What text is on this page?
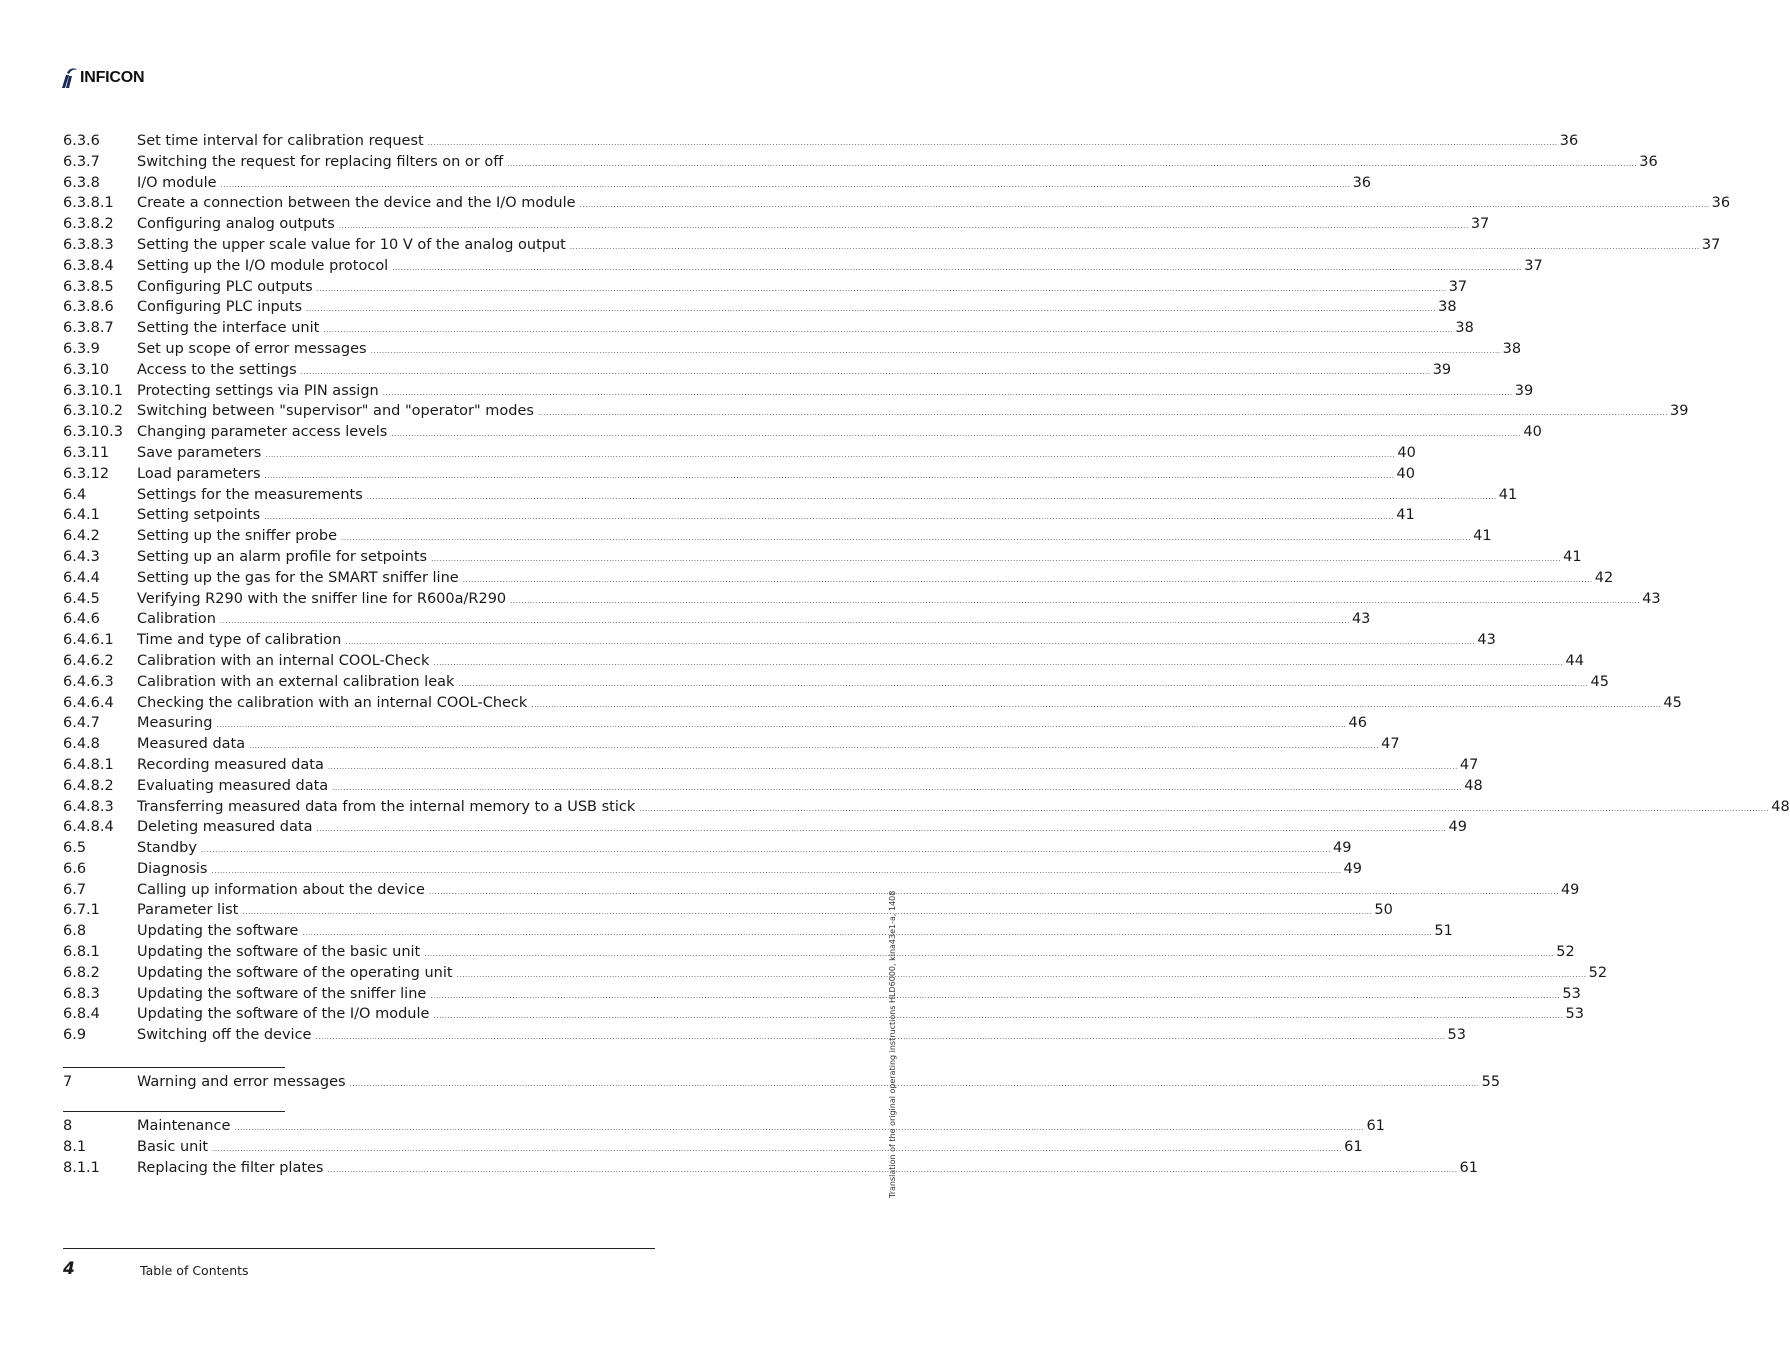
INFICON
6.3.6	Set time interval for calibration request ................................................................................................................................................................................................................................................................................................................................................................................................................ 36
6.3.7	Switching the request for replacing filters on or off ................................................................................................................................................................................................................................................................................................................................................................................................................ 36
6.3.8	I/O module ................................................................................................................................................................................................................................................................................................................................................................................................................ 36
6.3.8.1	Create a connection between the device and the I/O module ................................................................................................................................................................................................................................................................................................................................................................................................................ 36
6.3.8.2	Configuring analog outputs ................................................................................................................................................................................................................................................................................................................................................................................................................ 37
6.3.8.3	Setting the upper scale value for 10 V of the analog output ................................................................................................................................................................................................................................................................................................................................................................................................................ 37
6.3.8.4	Setting up the I/O module protocol ................................................................................................................................................................................................................................................................................................................................................................................................................ 37
6.3.8.5	Configuring PLC outputs ................................................................................................................................................................................................................................................................................................................................................................................................................ 37
6.3.8.6	Configuring PLC inputs ................................................................................................................................................................................................................................................................................................................................................................................................................ 38
6.3.8.7	Setting the interface unit ................................................................................................................................................................................................................................................................................................................................................................................................................ 38
6.3.9	Set up scope of error messages ................................................................................................................................................................................................................................................................................................................................................................................................................ 38
6.3.10	Access to the settings ................................................................................................................................................................................................................................................................................................................................................................................................................ 39
6.3.10.1 Protecting settings via PIN assign ................................................................................................................................................................................................................................................................................................................................................................................................................ 39
6.3.10.2 Switching between "supervisor" and "operator" modes ................................................................................................................................................................................................................................................................................................................................................................................................................ 39
6.3.10.3 Changing parameter access levels ................................................................................................................................................................................................................................................................................................................................................................................................................ 40
6.3.11	Save parameters ................................................................................................................................................................................................................................................................................................................................................................................................................ 40
6.3.12	Load parameters ................................................................................................................................................................................................................................................................................................................................................................................................................ 40
6.4	Settings for the measurements ................................................................................................................................................................................................................................................................................................................................................................................................................ 41
6.4.1	Setting setpoints ................................................................................................................................................................................................................................................................................................................................................................................................................ 41
6.4.2	Setting up the sniffer probe ................................................................................................................................................................................................................................................................................................................................................................................................................ 41
6.4.3	Setting up an alarm profile for setpoints ................................................................................................................................................................................................................................................................................................................................................................................................................ 41
6.4.4	Setting up the gas for the SMART sniffer line ................................................................................................................................................................................................................................................................................................................................................................................................................ 42
6.4.5	Verifying R290 with the sniffer line for R600a/R290 ................................................................................................................................................................................................................................................................................................................................................................................................................ 43
6.4.6	Calibration ................................................................................................................................................................................................................................................................................................................................................................................................................ 43
6.4.6.1	Time and type of calibration ................................................................................................................................................................................................................................................................................................................................................................................................................ 43
6.4.6.2	Calibration with an internal COOL-Check ................................................................................................................................................................................................................................................................................................................................................................................................................ 44
6.4.6.3	Calibration with an external calibration leak ................................................................................................................................................................................................................................................................................................................................................................................................................ 45
6.4.6.4	Checking the calibration with an internal COOL-Check ................................................................................................................................................................................................................................................................................................................................................................................................................ 45
6.4.7	Measuring ................................................................................................................................................................................................................................................................................................................................................................................................................ 46
6.4.8	Measured data ................................................................................................................................................................................................................................................................................................................................................................................................................ 47
6.4.8.1	Recording measured data ................................................................................................................................................................................................................................................................................................................................................................................................................ 47
6.4.8.2	Evaluating measured data ................................................................................................................................................................................................................................................................................................................................................................................................................ 48
6.4.8.3	Transferring measured data from the internal memory to a USB stick ................................................................................................................................................................................................................................................................................................................................................................................................................ 48
6.4.8.4	Deleting measured data ................................................................................................................................................................................................................................................................................................................................................................................................................ 49
6.5	Standby ................................................................................................................................................................................................................................................................................................................................................................................................................ 49
6.6	Diagnosis ................................................................................................................................................................................................................................................................................................................................................................................................................ 49
6.7	Calling up information about the device ................................................................................................................................................................................................................................................................................................................................................................................................................ 49
6.7.1	Parameter list ................................................................................................................................................................................................................................................................................................................................................................................................................ 50
6.8	Updating the software ................................................................................................................................................................................................................................................................................................................................................................................................................ 51
6.8.1	Updating the software of the basic unit ................................................................................................................................................................................................................................................................................................................................................................................................................ 52
6.8.2	Updating the software of the operating unit ................................................................................................................................................................................................................................................................................................................................................................................................................ 52
6.8.3	Updating the software of the sniffer line ................................................................................................................................................................................................................................................................................................................................................................................................................ 53
6.8.4	Updating the software of the I/O module ................................................................................................................................................................................................................................................................................................................................................................................................................ 53
6.9	Switching off the device ................................................................................................................................................................................................................................................................................................................................................................................................................ 53
7	Warning and error messages ................................................................................................................................................................................................................................................................................................................................................................................................................ 55
8	Maintenance ................................................................................................................................................................................................................................................................................................................................................................................................................ 61
8.1	Basic unit ................................................................................................................................................................................................................................................................................................................................................................................................................ 61
8.1.1	Replacing the filter plates ................................................................................................................................................................................................................................................................................................................................................................................................................ 61
4	Table of Contents
Translation of the original operating instructions HLD6000, kina43e1-a, 1408
